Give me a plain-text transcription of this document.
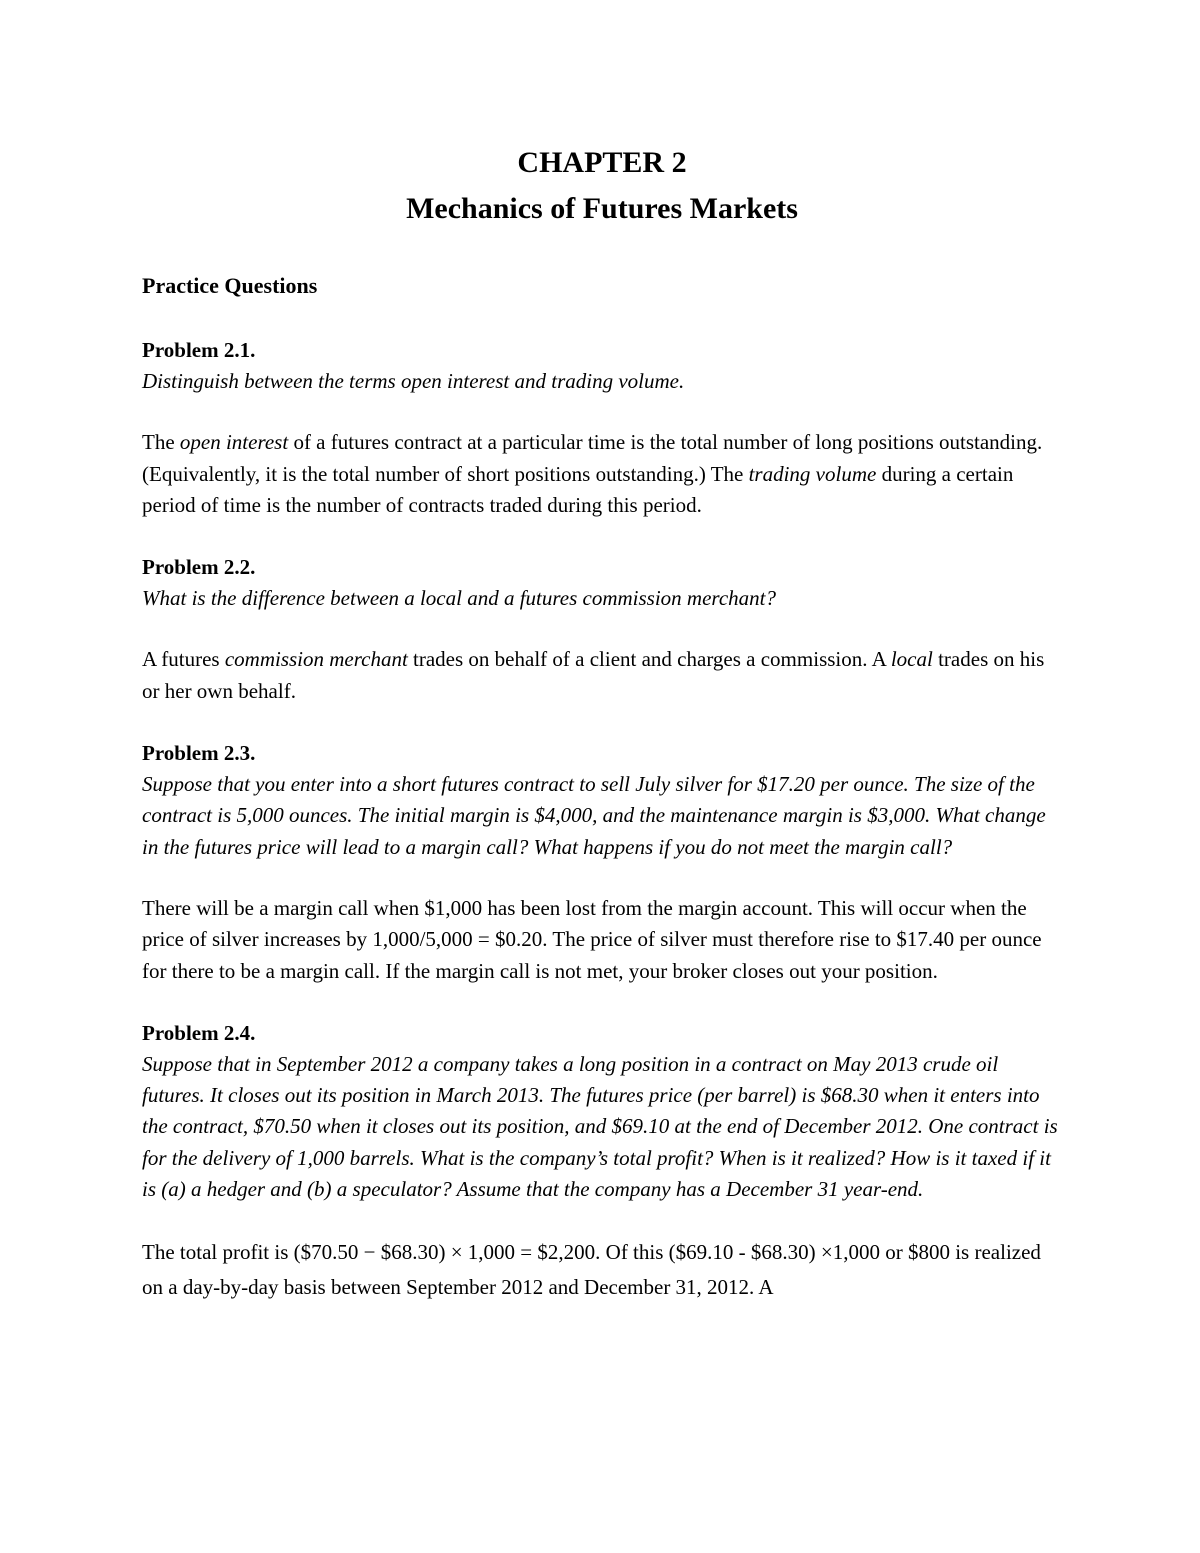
CHAPTER 2
Mechanics of Futures Markets
Practice Questions

Problem 2.1.

Distinguish between the terms open interest and trading volume.

The open interest of a futures contract at a particular time is the total number of long positions outstanding. (Equivalently, it is the total number of short positions outstanding.) The trading volume during a certain period of time is the number of contracts traded during this period.

Problem 2.2.

What is the difference between a local and a futures commission merchant?

A futures commission merchant trades on behalf of a client and charges a commission. A local trades on his or her own behalf.

Problem 2.3.

Suppose that you enter into a short futures contract to sell July silver for $17.20 per ounce. The size of the contract is 5,000 ounces. The initial margin is $4,000, and the maintenance margin is $3,000. What change in the futures price will lead to a margin call? What happens if you do not meet the margin call?

There will be a margin call when $1,000 has been lost from the margin account. This will occur when the price of silver increases by 1,000/5,000 = $0.20. The price of silver must therefore rise to $17.40 per ounce for there to be a margin call. If the margin call is not met, your broker closes out your position.

Problem 2.4.

Suppose that in September 2012 a company takes a long position in a contract on May 2013 crude oil futures. It closes out its position in March 2013. The futures price (per barrel) is $68.30 when it enters into the contract, $70.50 when it closes out its position, and $69.10 at the end of December 2012. One contract is for the delivery of 1,000 barrels. What is the company’s total profit? When is it realized? How is it taxed if it is (a) a hedger and (b) a speculator? Assume that the company has a December 31 year-end.

The total profit is ($70.50 − $68.30) × 1,000 = $2,200. Of this ($69.10 - $68.30) ×1,000 or $800 is realized on a day-by-day basis between September 2012 and December 31, 2012. A
